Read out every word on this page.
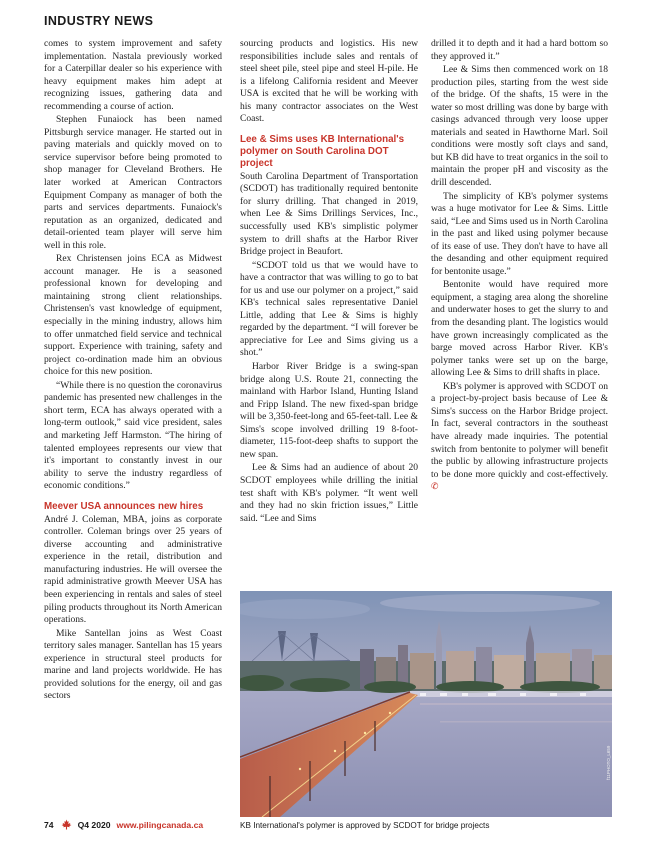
INDUSTRY NEWS

comes to system improvement and safety implementation. Nastala previously worked for a Caterpillar dealer so his experience with heavy equipment makes him adept at recognizing issues, gathering data and recommending a course of action.

Stephen Funaiock has been named Pittsburgh service manager. He started out in paving materials and quickly moved on to service supervisor before being promoted to shop manager for Cleveland Brothers. He later worked at American Contractors Equipment Company as manager of both the parts and services departments. Funaiock's reputation as an organized, dedicated and detail-oriented team player will serve him well in this role.

Rex Christensen joins ECA as Midwest account manager. He is a seasoned professional known for developing and maintaining strong client relationships. Christensen's vast knowledge of equipment, especially in the mining industry, allows him to offer unmatched field service and technical support. Experience with training, safety and project co-ordination made him an obvious choice for this new position.

“While there is no question the coronavirus pandemic has presented new challenges in the short term, ECA has always operated with a long-term outlook,” said vice president, sales and marketing Jeff Harmston. “The hiring of talented employees represents our view that it's important to constantly invest in our ability to serve the industry regardless of economic conditions.”

Meever USA announces new hires

André J. Coleman, MBA, joins as corporate controller. Coleman brings over 25 years of diverse accounting and administrative experience in the retail, distribution and manufacturing industries. He will oversee the rapid administrative growth Meever USA has been experiencing in rentals and sales of steel piling products throughout its North American operations.

Mike Santellan joins as West Coast territory sales manager. Santellan has 15 years experience in structural steel products for marine and land projects worldwide. He has provided solutions for the energy, oil and gas sectors

sourcing products and logistics. His new responsibilities include sales and rentals of steel sheet pile, steel pipe and steel H-pile. He is a lifelong California resident and Meever USA is excited that he will be working with his many contractor associates on the West Coast.

Lee & Sims uses KB International's polymer on South Carolina DOT project

South Carolina Department of Transportation (SCDOT) has traditionally required bentonite for slurry drilling. That changed in 2019, when Lee & Sims Drillings Services, Inc., successfully used KB's simplistic polymer system to drill shafts at the Harbor River Bridge project in Beaufort.

“SCDOT told us that we would have to have a contractor that was willing to go to bat for us and use our polymer on a project,” said KB's technical sales representative Daniel Little, adding that Lee & Sims is highly regarded by the department. “I will forever be appreciative for Lee and Sims giving us a shot.”

Harbor River Bridge is a swing-span bridge along U.S. Route 21, connecting the mainland with Harbor Island, Hunting Island and Fripp Island. The new fixed-span bridge will be 3,350-feet-long and 65-feet-tall. Lee & Sims's scope involved drilling 19 8-foot-diameter, 115-foot-deep shafts to support the new span.

Lee & Sims had an audience of about 20 SCDOT employees while drilling the initial test shaft with KB's polymer. “It went well and they had no skin friction issues,” Little said. “Lee and Sims

drilled it to depth and it had a hard bottom so they approved it.”

Lee & Sims then commenced work on 18 production piles, starting from the west side of the bridge. Of the shafts, 15 were in the water so most drilling was done by barge with casings advanced through very loose upper materials and seated in Hawthorne Marl. Soil conditions were mostly soft clays and sand, but KB did have to treat organics in the soil to maintain the proper pH and viscosity as the drill descended.

The simplicity of KB's polymer systems was a huge motivator for Lee & Sims. Little said, “Lee and Sims used us in North Carolina in the past and liked using polymer because of its ease of use. They don't have to have all the desanding and other equipment required for bentonite usage.”

Bentonite would have required more equipment, a staging area along the shoreline and underwater hoses to get the slurry to and from the desanding plant. The logistics would have grown increasingly complicated as the barge moved across Harbor River. KB's polymer tanks were set up on the barge, allowing Lee & Sims to drill shafts in place.

KB's polymer is approved with SCDOT on a project-by-project basis because of Lee & Sims's success on the Harbor Bridge project. In fact, several contractors in the southeast have already made inquiries. The potential switch from bentonite to polymer will benefit the public by allowing infrastructure projects to be done more quickly and cost-effectively. ✆

f11PHOTO_L659
KB International's polymer is approved by SCDOT for bridge projects
74	Q4 2020 www.pilingcanada.ca
